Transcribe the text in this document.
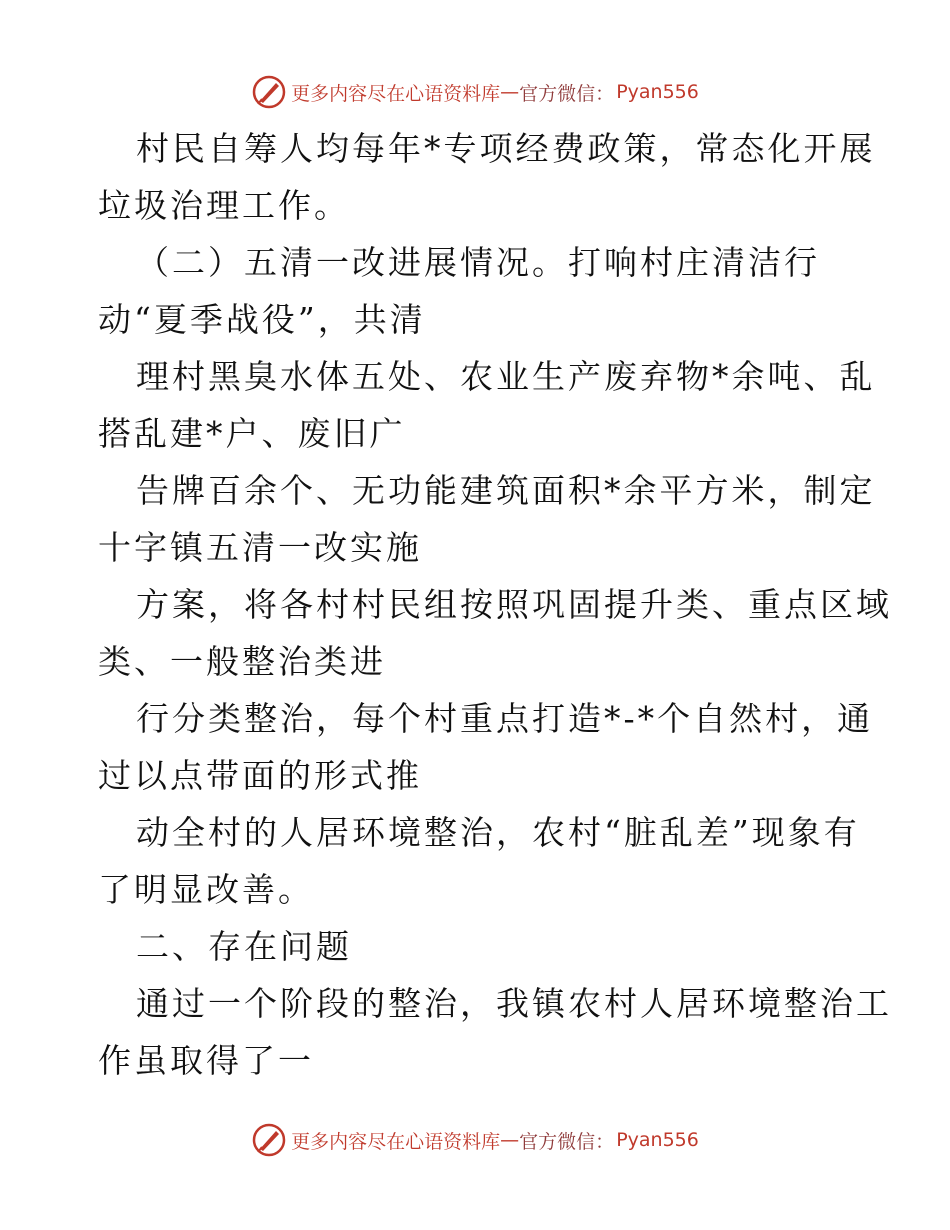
更多内容尽在心语资料库 — 官方微信： Pyan556
村民自筹人均每年*专项经费政策，常态化开展
垃圾治理工作。
（二）五清一改进展情况。打响村庄清洁行
动“夏季战役”，共清
理村黑臭水体五处、农业生产废弃物*余吨、乱
搭乱建*户、废旧广
告牌百余个、无功能建筑面积*余平方米，制定
十字镇五清一改实施
方案，将各村村民组按照巩固提升类、重点区域
类、一般整治类进
行分类整治，每个村重点打造*-*个自然村，通
过以点带面的形式推
动全村的人居环境整治，农村“脏乱差”现象有
了明显改善。
二、存在问题
通过一个阶段的整治，我镇农村人居环境整治工
作虽取得了一
更多内容尽在心语资料库 — 官方微信： Pyan556
